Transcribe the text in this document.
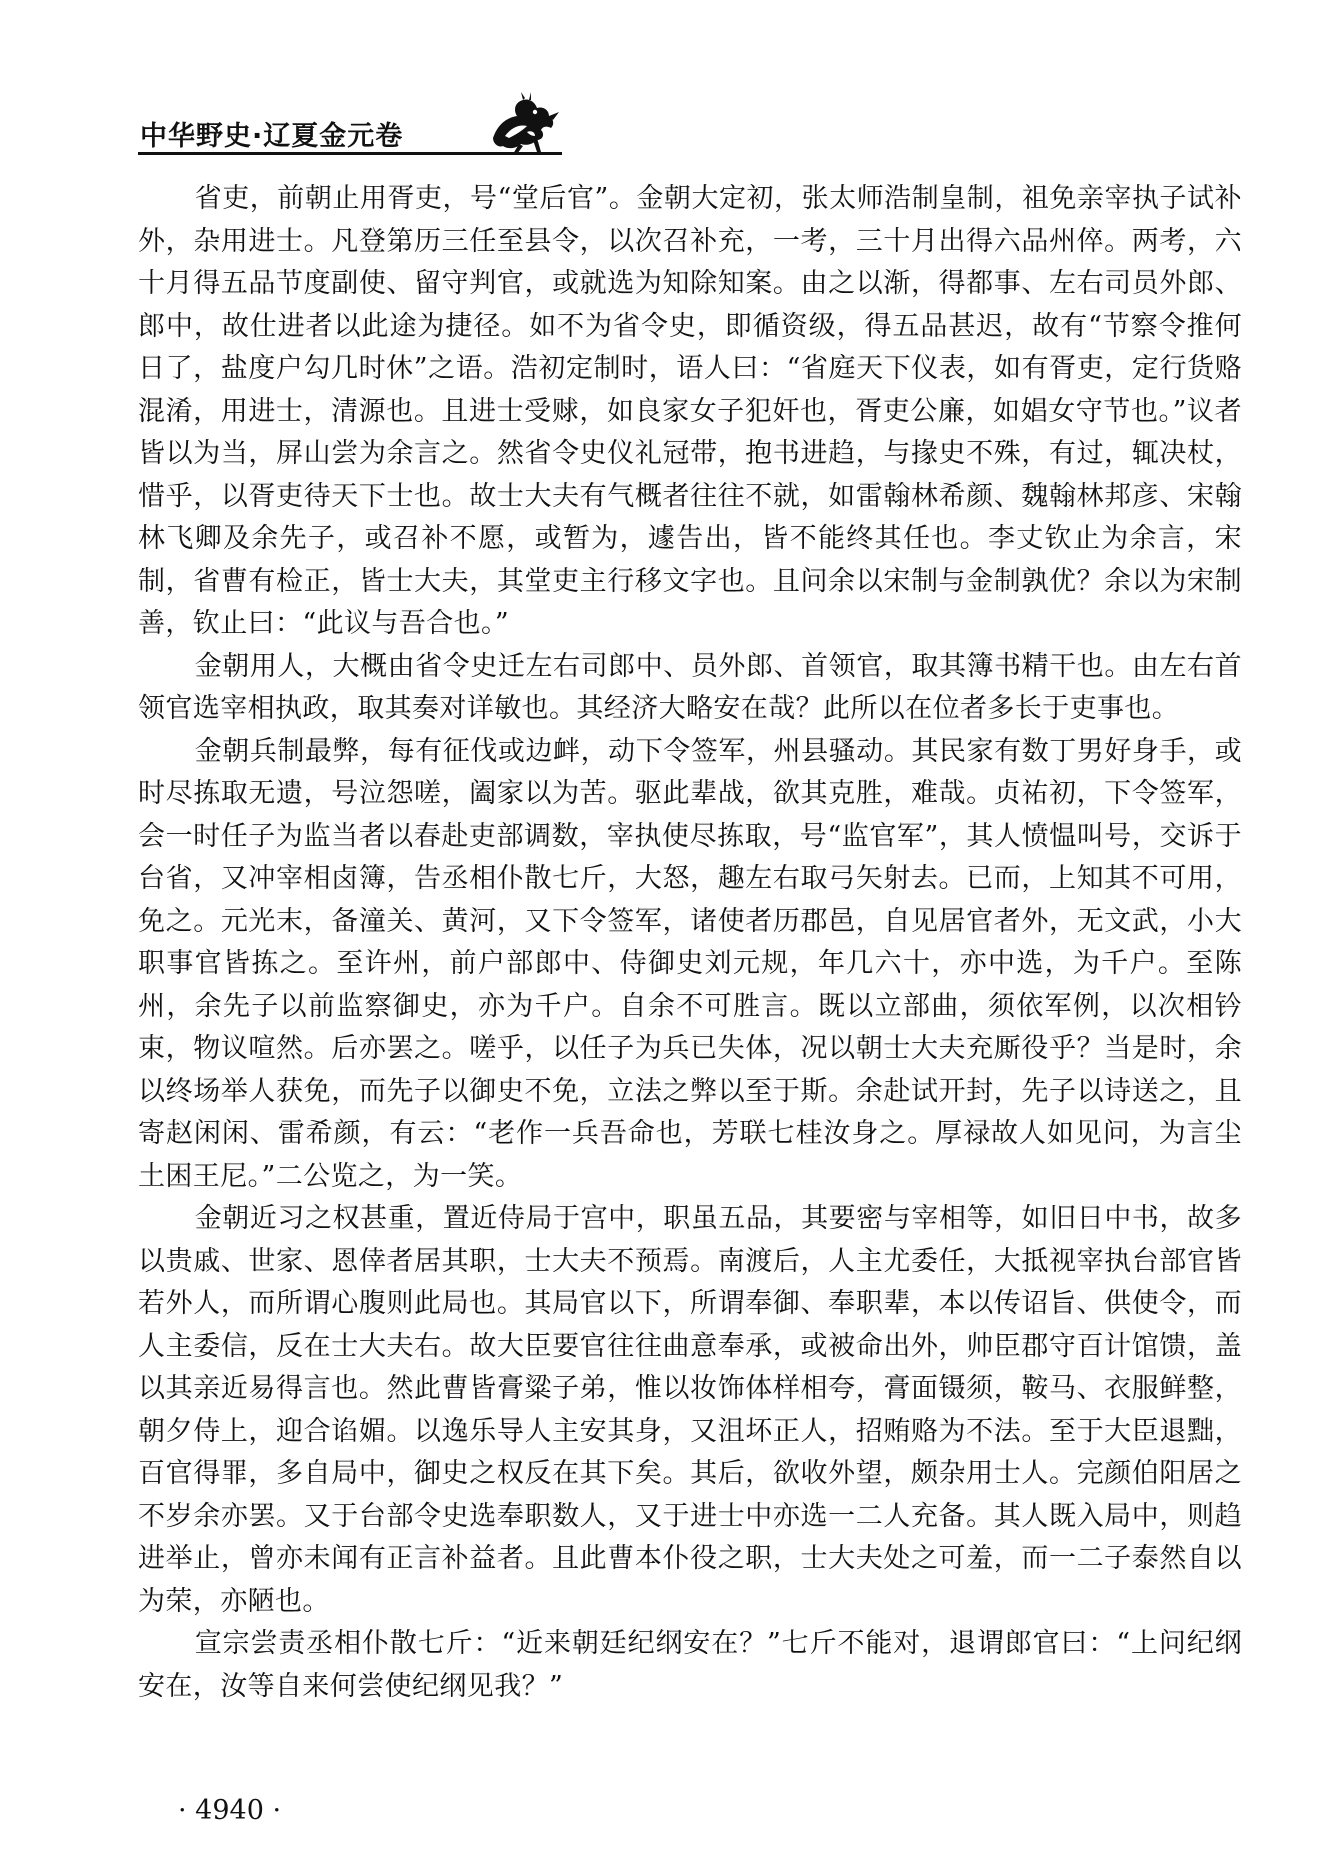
中华野史·辽夏金元卷

省吏，前朝止用胥吏，号“堂后官”。金朝大定初，张太师浩制皇制，祖免亲宰执子试补外，杂用进士。凡登第历三任至县令，以次召补充，一考，三十月出得六品州倅。两考，六十月得五品节度副使、留守判官，或就选为知除知案。由之以渐，得都事、左右司员外郎、郎中，故仕进者以此途为捷径。如不为省令史，即循资级，得五品甚迟，故有“节察令推何日了，盐度户勾几时休”之语。浩初定制时，语人曰：“省庭天下仪表，如有胥吏，定行货赂混淆，用进士，清源也。且进士受赇，如良家女子犯奸也，胥吏公廉，如娼女守节也。”议者皆以为当，屏山尝为余言之。然省令史仪礼冠带，抱书进趋，与掾史不殊，有过，辄决杖，惜乎，以胥吏待天下士也。故士大夫有气概者往往不就，如雷翰林希颜、魏翰林邦彦、宋翰林飞卿及余先子，或召补不愿，或暂为，遽告出，皆不能终其任也。李丈钦止为余言，宋制，省曹有检正，皆士大夫，其堂吏主行移文字也。且问余以宋制与金制孰优？余以为宋制善，钦止曰：“此议与吾合也。”

金朝用人，大概由省令史迁左右司郎中、员外郎、首领官，取其簿书精干也。由左右首领官选宰相执政，取其奏对详敏也。其经济大略安在哉？此所以在位者多长于吏事也。

金朝兵制最弊，每有征伐或边衅，动下令签军，州县骚动。其民家有数丁男好身手，或时尽拣取无遗，号泣怨嗟，阖家以为苦。驱此辈战，欲其克胜，难哉。贞祐初，下令签军，会一时任子为监当者以春赴吏部调数，宰执使尽拣取，号“监官军”，其人愤愠叫号，交诉于台省，又冲宰相卤簿，告丞相仆散七斤，大怒，趣左右取弓矢射去。已而，上知其不可用，免之。元光末，备潼关、黄河，又下令签军，诸使者历郡邑，自见居官者外，无文武，小大职事官皆拣之。至许州，前户部郎中、侍御史刘元规，年几六十，亦中选，为千户。至陈州，余先子以前监察御史，亦为千户。自余不可胜言。既以立部曲，须依军例，以次相钤束，物议喧然。后亦罢之。嗟乎，以任子为兵已失体，况以朝士大夫充厮役乎？当是时，余以终场举人获免，而先子以御史不免，立法之弊以至于斯。余赴试开封，先子以诗送之，且寄赵闲闲、雷希颜，有云：“老作一兵吾命也，芳联七桂汝身之。厚禄故人如见问，为言尘土困王尼。”二公览之，为一笑。

金朝近习之权甚重，置近侍局于宫中，职虽五品，其要密与宰相等，如旧日中书，故多以贵戚、世家、恩倖者居其职，士大夫不预焉。南渡后，人主尤委任，大抵视宰执台部官皆若外人，而所谓心腹则此局也。其局官以下，所谓奉御、奉职辈，本以传诏旨、供使令，而人主委信，反在士大夫右。故大臣要官往往曲意奉承，或被命出外，帅臣郡守百计馆馈，盖以其亲近易得言也。然此曹皆膏粱子弟，惟以妆饰体样相夸，膏面镊须，鞍马、衣服鲜整，朝夕侍上，迎合谄媚。以逸乐导人主安其身，又沮坏正人，招贿赂为不法。至于大臣退黜，百官得罪，多自局中，御史之权反在其下矣。其后，欲收外望，颇杂用士人。完颜伯阳居之不岁余亦罢。又于台部令史选奉职数人，又于进士中亦选一二人充备。其人既入局中，则趋进举止，曾亦未闻有正言补益者。且此曹本仆役之职，士大夫处之可羞，而一二子泰然自以为荣，亦陋也。

宣宗尝责丞相仆散七斤：“近来朝廷纪纲安在？”七斤不能对，退谓郎官曰：“上问纪纲安在，汝等自来何尝使纪纲见我？”

· 4940 ·
